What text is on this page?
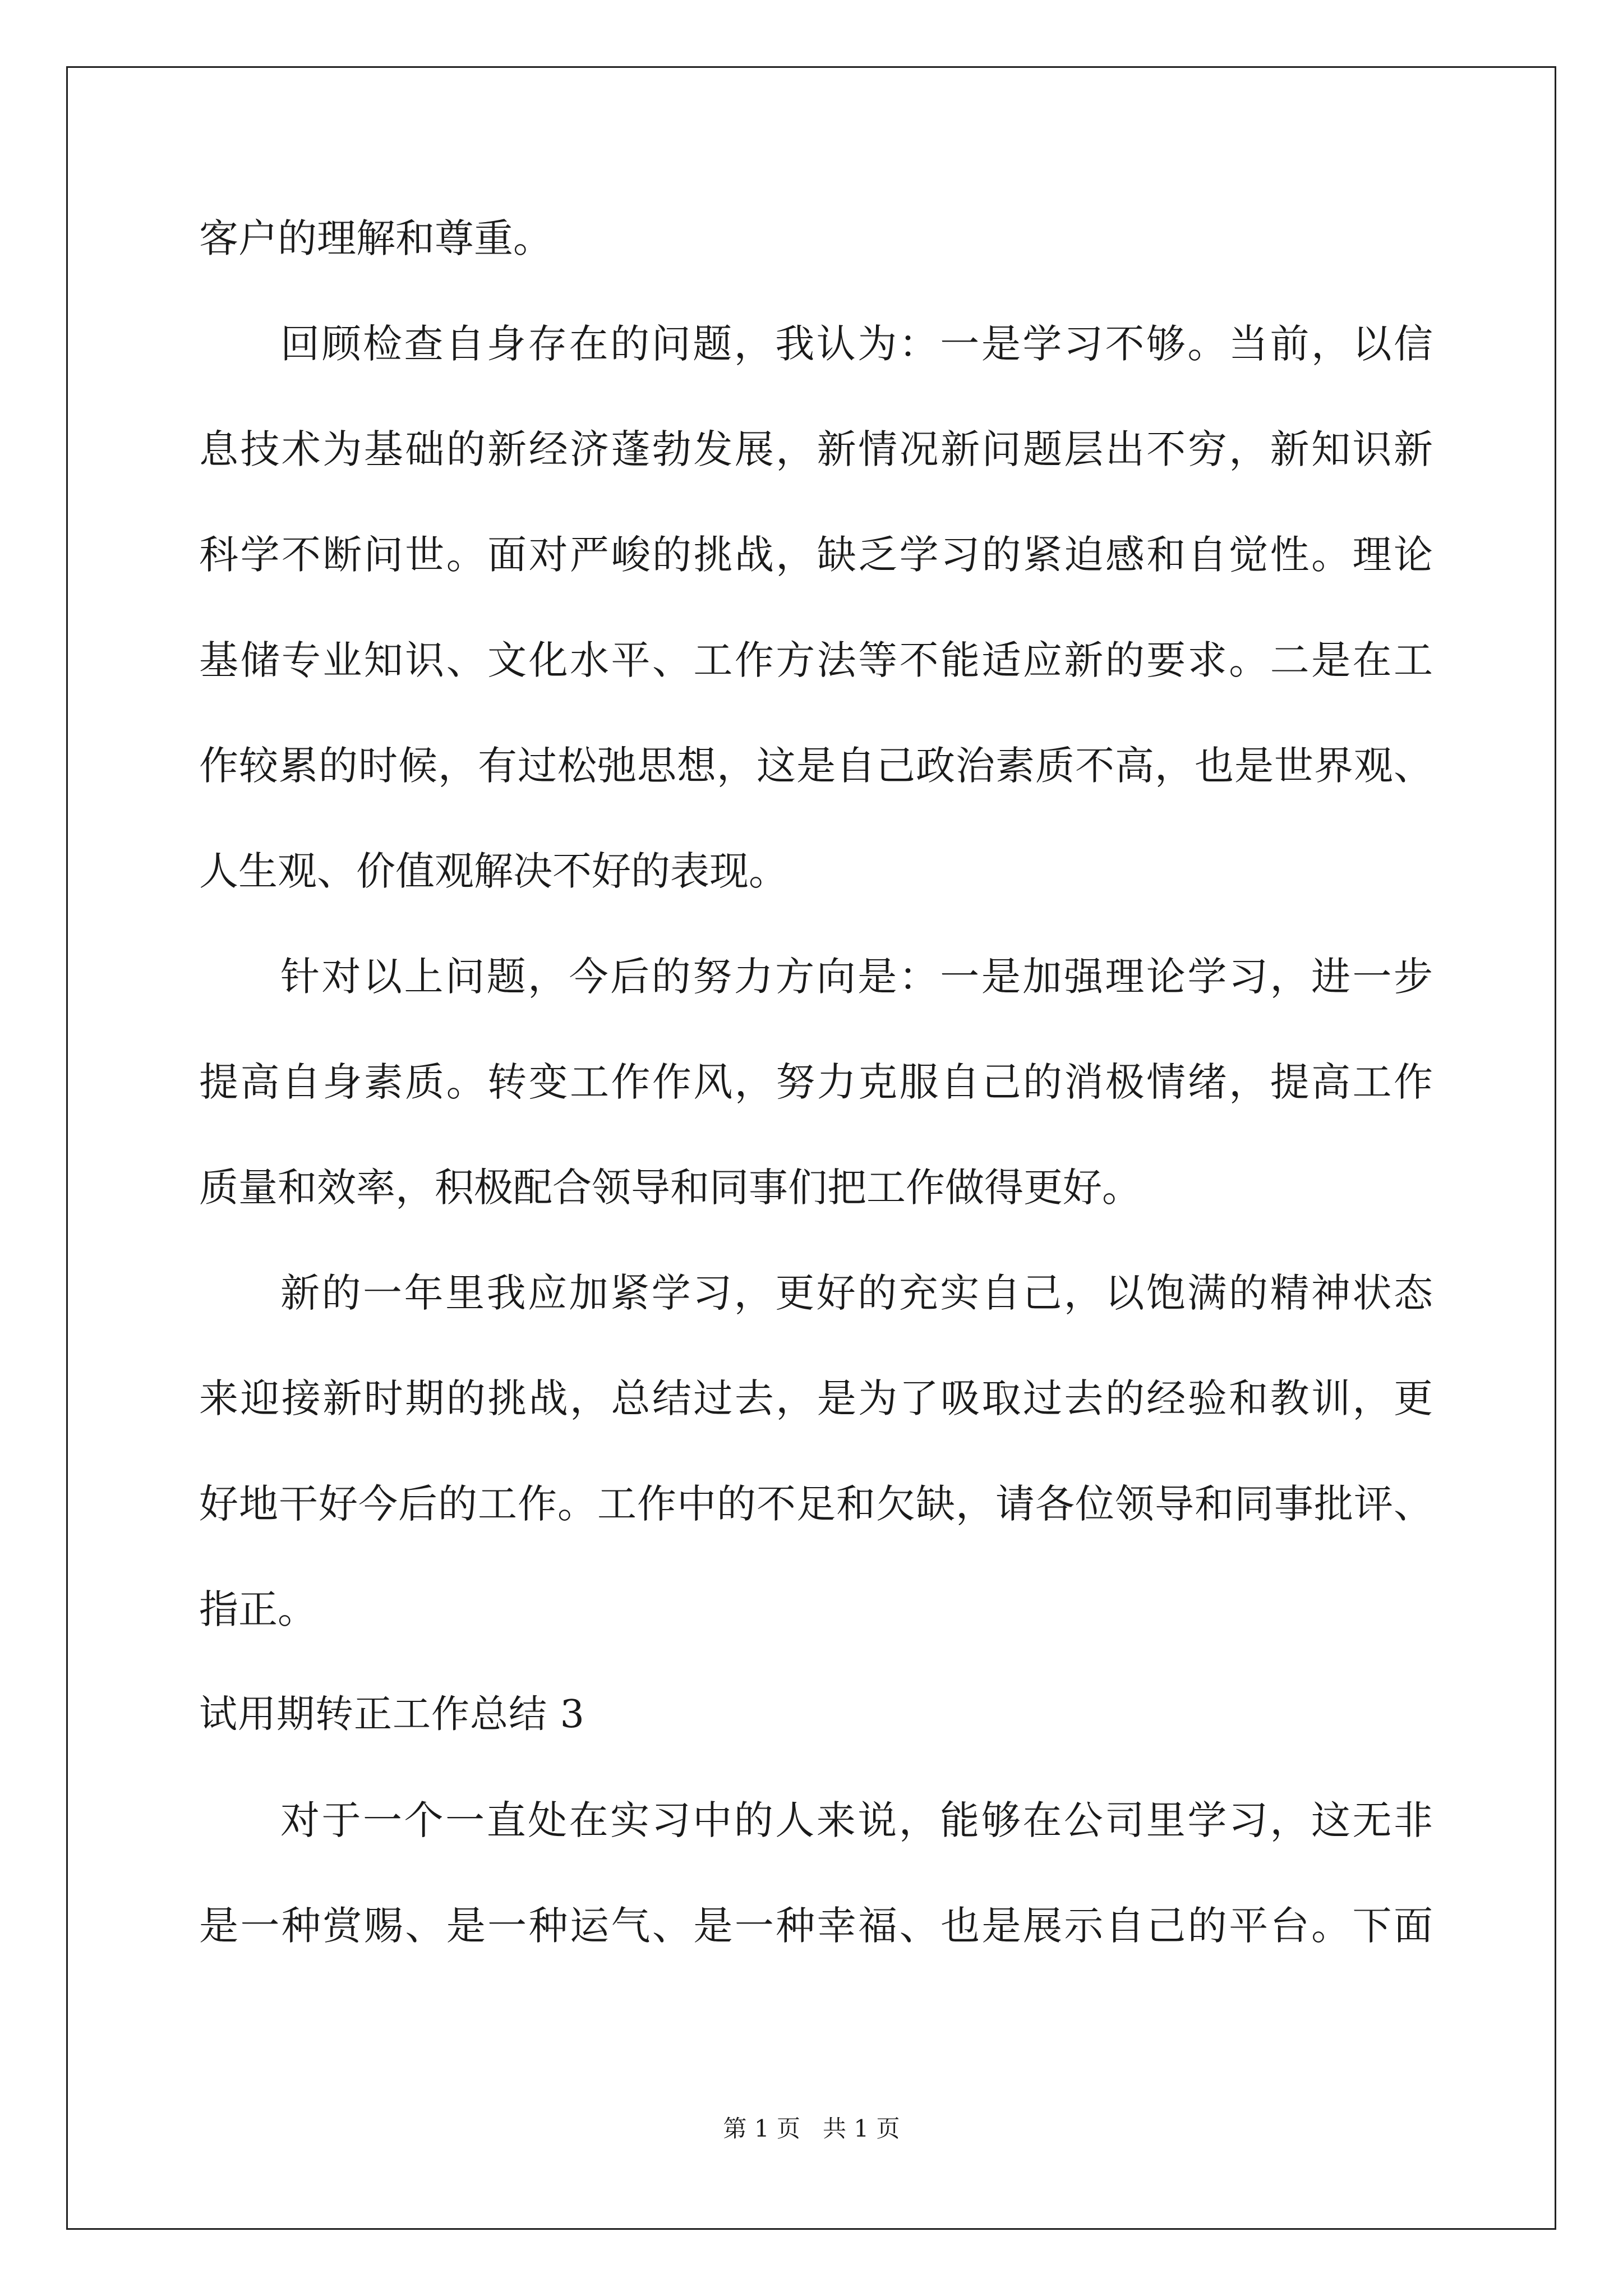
客户的理解和尊重。
回顾检查自身存在的问题，我认为：一是学习不够。当前，以信
息技术为基础的新经济蓬勃发展，新情况新问题层出不穷，新知识新
科学不断问世。面对严峻的挑战，缺乏学习的紧迫感和自觉性。理论
基储专业知识、文化水平、工作方法等不能适应新的要求。二是在工
作较累的时候，有过松弛思想，这是自己政治素质不高，也是世界观、
人生观、价值观解决不好的表现。
针对以上问题，今后的努力方向是：一是加强理论学习，进一步
提高自身素质。转变工作作风，努力克服自己的消极情绪，提高工作
质量和效率，积极配合领导和同事们把工作做得更好。
新的一年里我应加紧学习，更好的充实自己，以饱满的精神状态
来迎接新时期的挑战，总结过去，是为了吸取过去的经验和教训，更
好地干好今后的工作。工作中的不足和欠缺，请各位领导和同事批评、
指正。
试用期转正工作总结 3
对于一个一直处在实习中的人来说，能够在公司里学习，这无非
是一种赏赐、是一种运气、是一种幸福、也是展示自己的平台。下面
第 1 页   共 1 页
